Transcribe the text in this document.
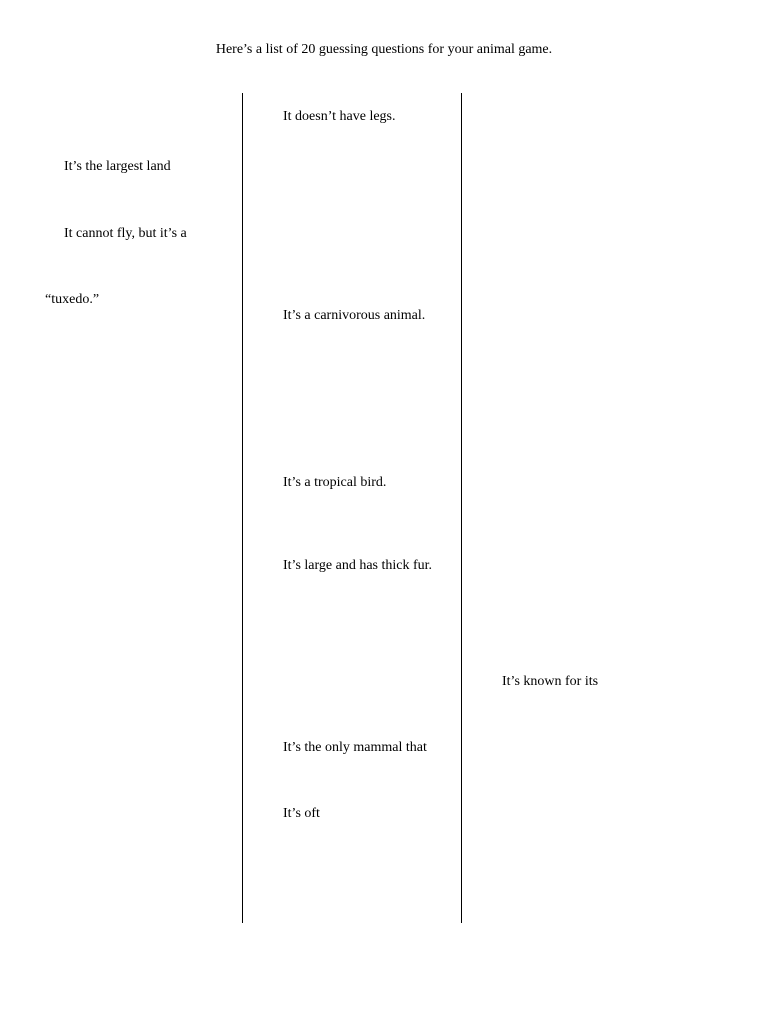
Here’s a list of 20 guessing questions for your animal game.
It’s the largest land
It cannot fly, but it’s a
“tuxedo.”
It doesn’t have legs.
It’s a carnivorous animal.
It’s a tropical bird.
It’s large and has thick fur.
It’s the only mammal that
It’s oft
It’s known for its
